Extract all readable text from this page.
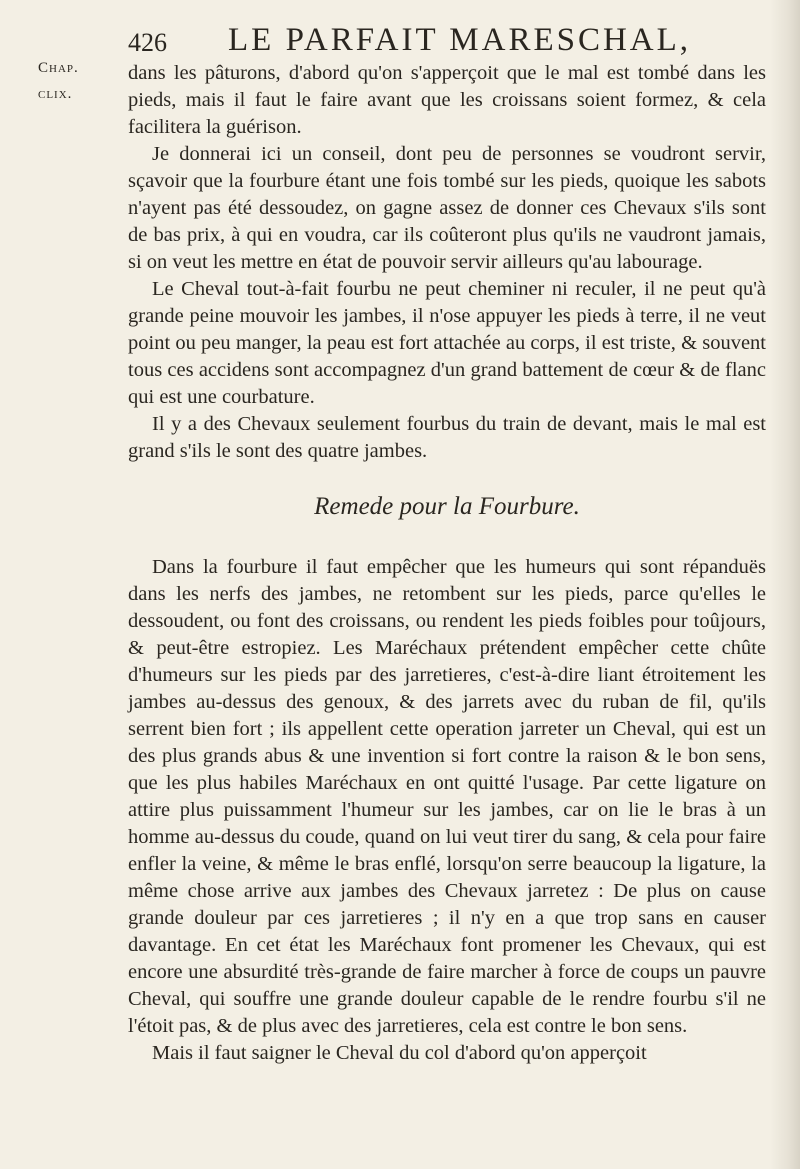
426 LE PARFAIT MARESCHAL,
Chap.
clix.

dans les pâturons, d'abord qu'on s'apperçoit que le mal est tombé dans les pieds, mais il faut le faire avant que les croissans soient formez, & cela facilitera la guérison.

Je donnerai ici un conseil, dont peu de personnes se voudront servir, sçavoir que la fourbure étant une fois tombé sur les pieds, quoique les sabots n'ayent pas été dessoudez, on gagne assez de donner ces Chevaux s'ils sont de bas prix, à qui en voudra, car ils coûteront plus qu'ils ne vaudront jamais, si on veut les mettre en état de pouvoir servir ailleurs qu'au labourage.

Le Cheval tout-à-fait fourbu ne peut cheminer ni reculer, il ne peut qu'à grande peine mouvoir les jambes, il n'ose appuyer les pieds à terre, il ne veut point ou peu manger, la peau est fort attachée au corps, il est triste, & souvent tous ces accidens sont accompagnez d'un grand battement de cœur & de flanc qui est une courbature.

Il y a des Chevaux seulement fourbus du train de devant, mais le mal est grand s'ils le sont des quatre jambes.

Remede pour la Fourbure.

Dans la fourbure il faut empêcher que les humeurs qui sont répanduës dans les nerfs des jambes, ne retombent sur les pieds, parce qu'elles le dessoudent, ou font des croissans, ou rendent les pieds foibles pour toûjours, & peut-être estropiez. Les Maréchaux prétendent empêcher cette chûte d'humeurs sur les pieds par des jarretieres, c'est-à-dire liant étroitement les jambes au-dessus des genoux, & des jarrets avec du ruban de fil, qu'ils serrent bien fort ; ils appellent cette operation jarreter un Cheval, qui est un des plus grands abus & une invention si fort contre la raison & le bon sens, que les plus habiles Maréchaux en ont quitté l'usage. Par cette ligature on attire plus puissamment l'humeur sur les jambes, car on lie le bras à un homme au-dessus du coude, quand on lui veut tirer du sang, & cela pour faire enfler la veine, & même le bras enflé, lorsqu'on serre beaucoup la ligature, la même chose arrive aux jambes des Chevaux jarretez : De plus on cause grande douleur par ces jarretieres ; il n'y en a que trop sans en causer davantage. En cet état les Maréchaux font promener les Chevaux, qui est encore une absurdité très-grande de faire marcher à force de coups un pauvre Cheval, qui souffre une grande douleur capable de le rendre fourbu s'il ne l'étoit pas, & de plus avec des jarretieres, cela est contre le bon sens.

Mais il faut saigner le Cheval du col d'abord qu'on apperçoit
